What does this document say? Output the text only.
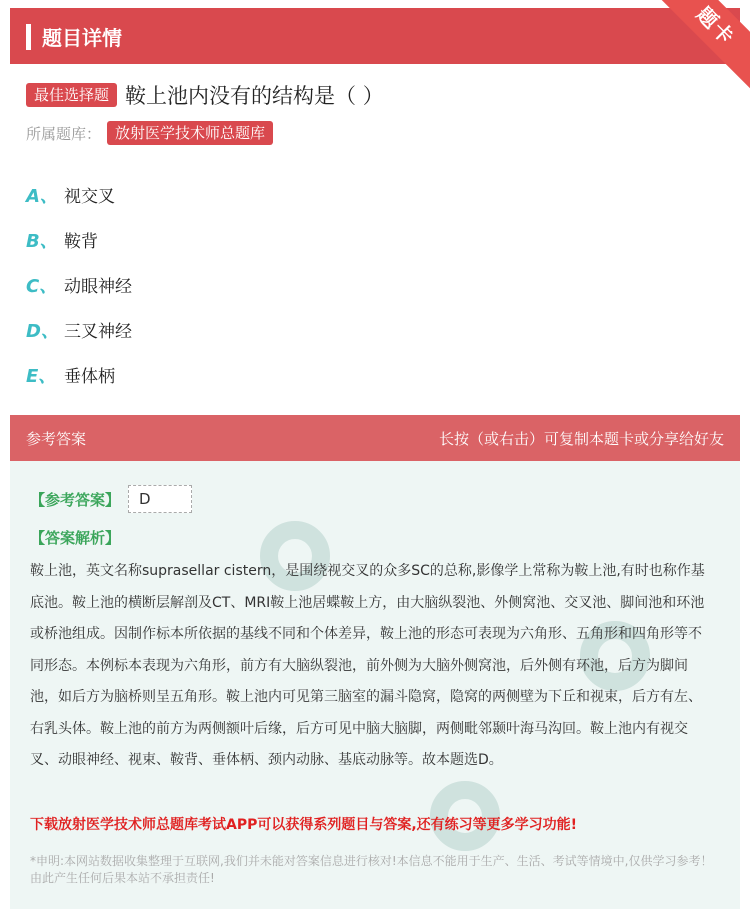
题目详情	题卡
最佳选择题 鞍上池内没有的结构是（ ）
所属题库： 放射医学技术师总题库
A、 视交叉
B、 鞍背
C、 动眼神经
D、 三叉神经
E、 垂体柄
参考答案	长按（或右击）可复制本题卡或分享给好友
【参考答案】	D
【答案解析】
鞍上池，英文名称suprasellar cistern，是围绕视交叉的众多SC的总称,影像学上常称为鞍上池,有时也称作基底池。鞍上池的横断层解剖及CT、MRI鞍上池居蝶鞍上方，由大脑纵裂池、外侧窝池、交叉池、脚间池和环池或桥池组成。因制作标本所依据的基线不同和个体差异，鞍上池的形态可表现为六角形、五角形和四角形等不同形态。本例标本表现为六角形，前方有大脑纵裂池，前外侧为大脑外侧窝池，后外侧有环池，后方为脚间池，如后方为脑桥则呈五角形。鞍上池内可见第三脑室的漏斗隐窝，隐窝的两侧壁为下丘和视束，后方有左、右乳头体。鞍上池的前方为两侧额叶后缘，后方可见中脑大脑脚，两侧毗邻颞叶海马沟回。鞍上池内有视交叉、动眼神经、视束、鞍背、垂体柄、颈内动脉、基底动脉等。故本题选D。
下载放射医学技术师总题库考试APP可以获得系列题目与答案,还有练习等更多学习功能!
*申明:本网站数据收集整理于互联网,我们并未能对答案信息进行核对!本信息不能用于生产、生活、考试等情境中,仅供学习参考！由此产生任何后果本站不承担责任!
